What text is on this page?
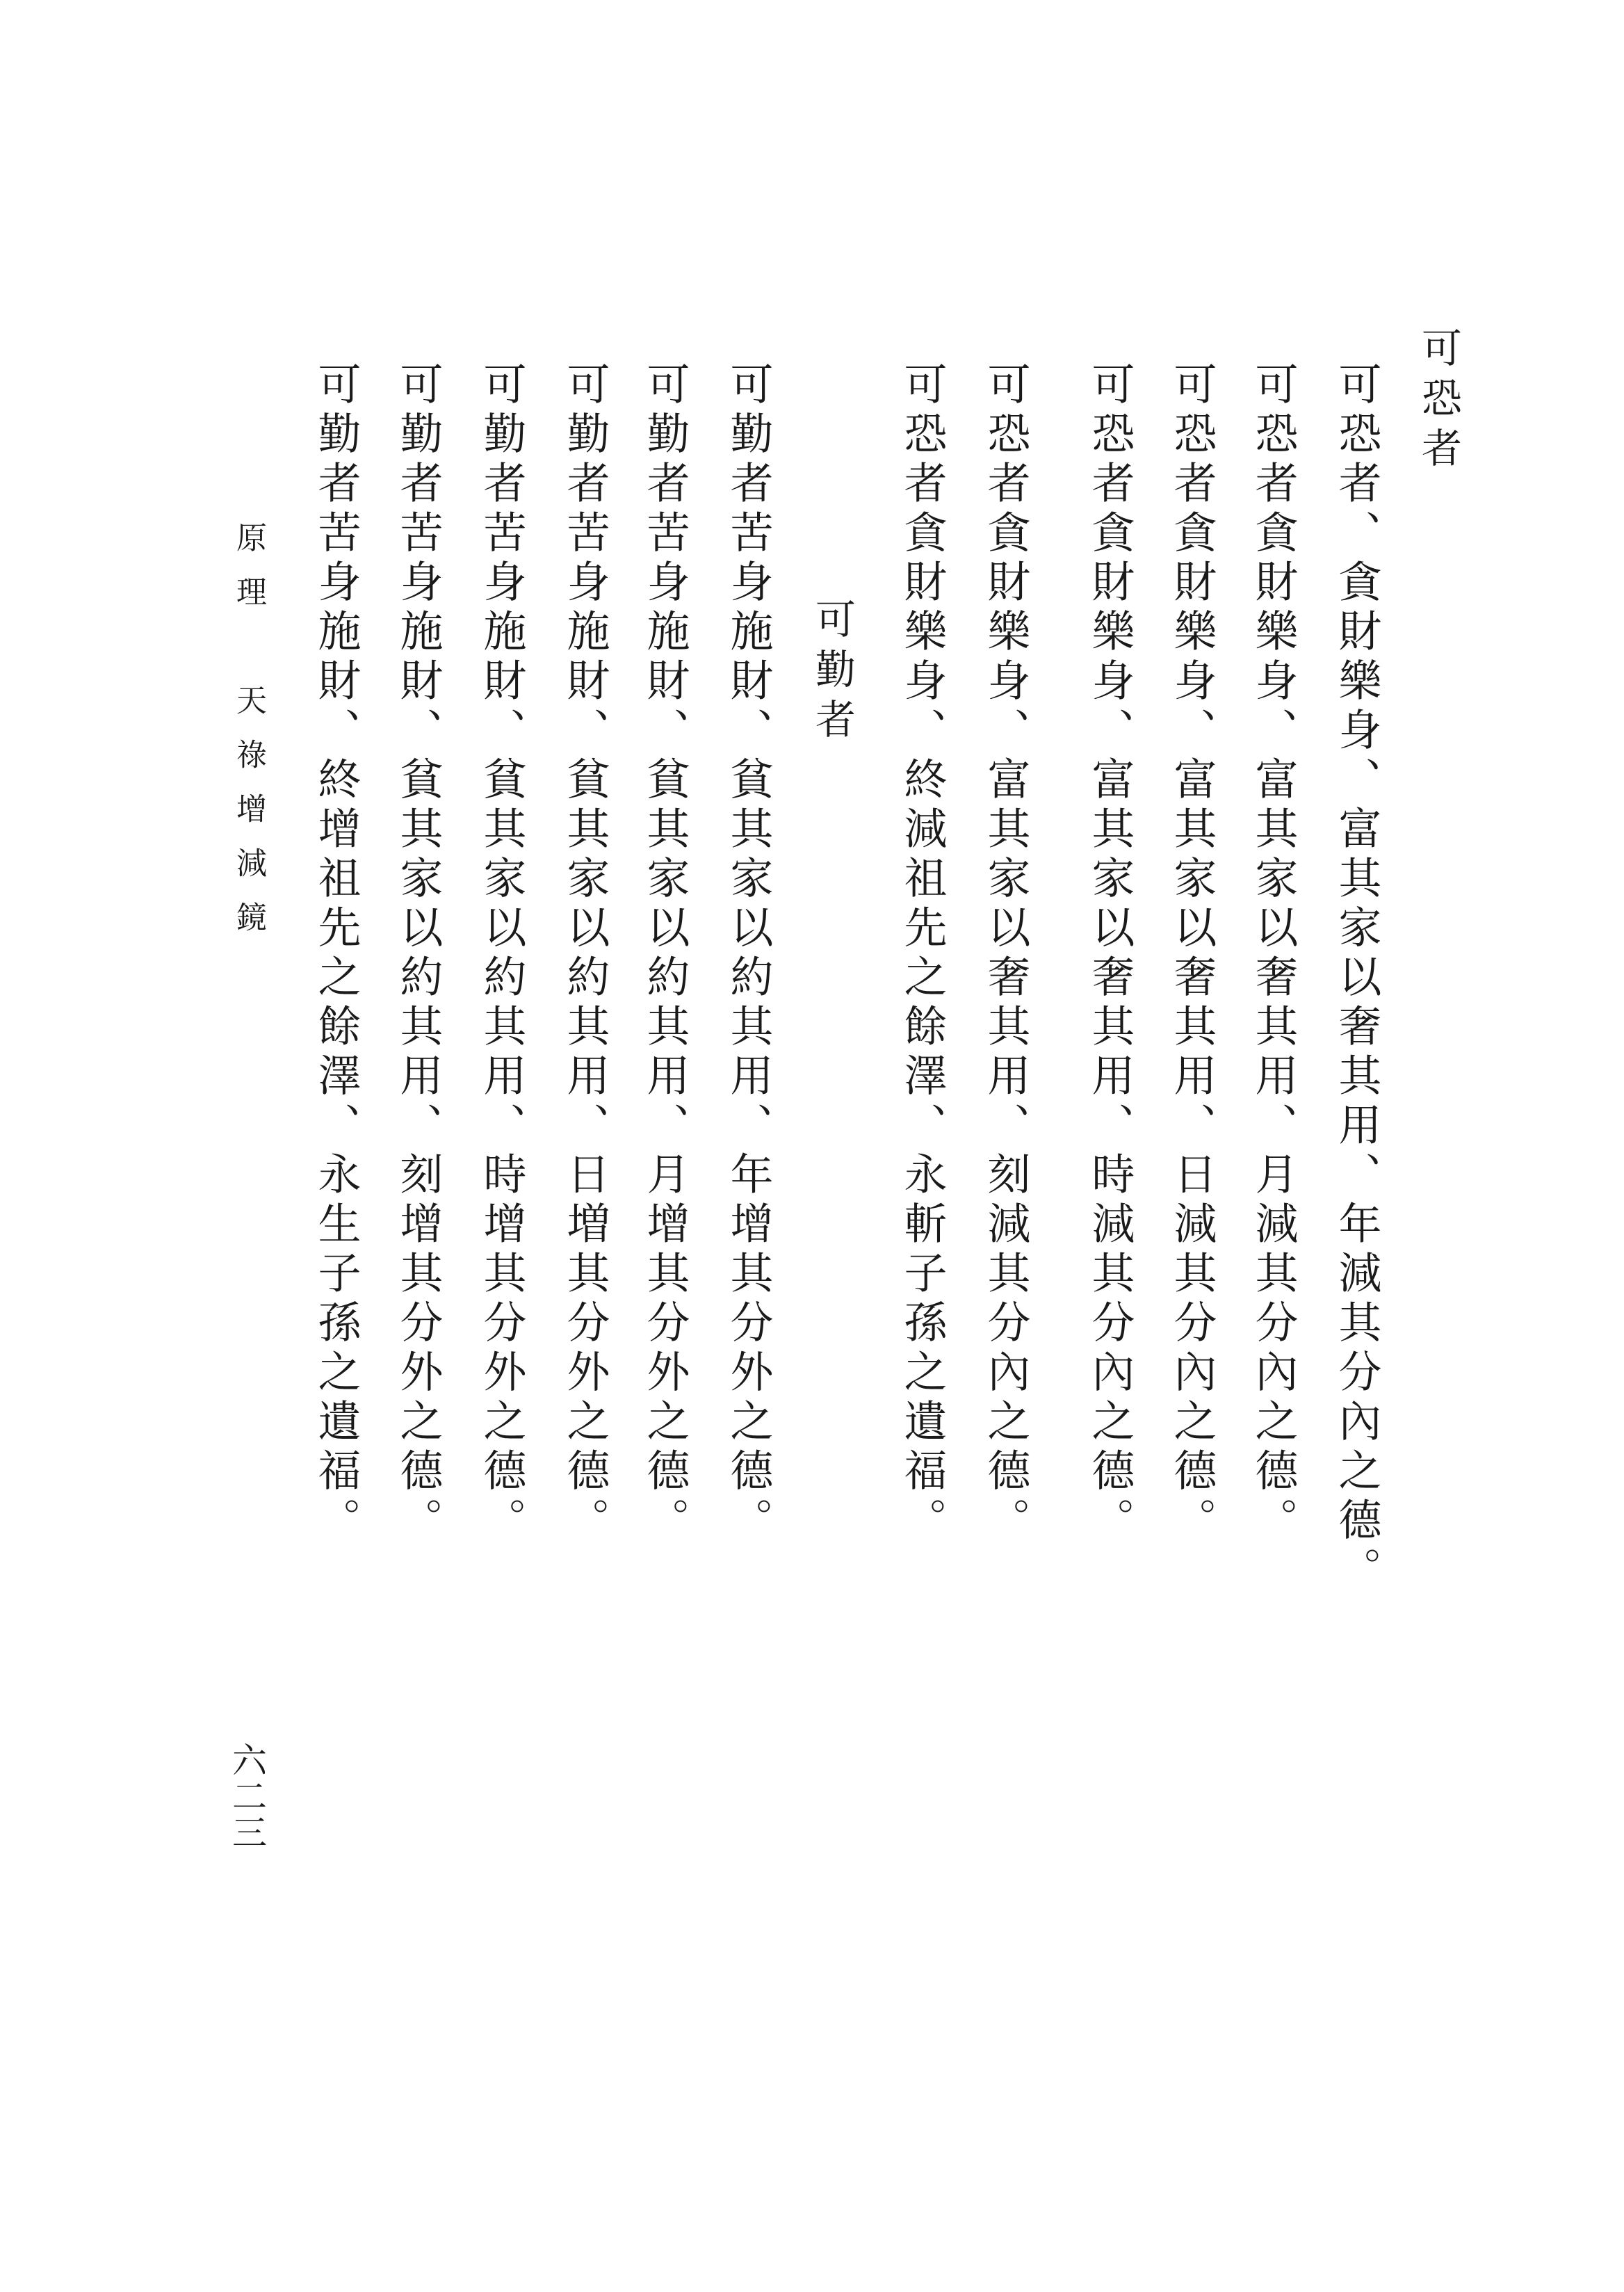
可恐者
可恐者、貪財樂身、富其家以奢其用、年減其分內之德。
可恐者貪財樂身、富其家以奢其用、月減其分內之德。
可恐者貪財樂身、富其家以奢其用、日減其分內之德。
可恐者貪財樂身、富其家以奢其用、時減其分內之德。
可恐者貪財樂身、富其家以奢其用、刻減其分內之德。
可恐者貪財樂身、終減祖先之餘澤、永斬子孫之遺福。
可勤者
可勤者苦身施財、貧其家以約其用、年增其分外之德。
可勤者苦身施財、貧其家以約其用、月增其分外之德。
可勤者苦身施財、貧其家以約其用、日増其分外之德。
可勤者苦身施財、貧其家以約其用、時增其分外之德。
可勤者苦身施財、貧其家以約其用、刻增其分外之德。
可勤者苦身施財、終增祖先之餘澤、永生子孫之遺福。
原理　天祿增減鏡
六二三
